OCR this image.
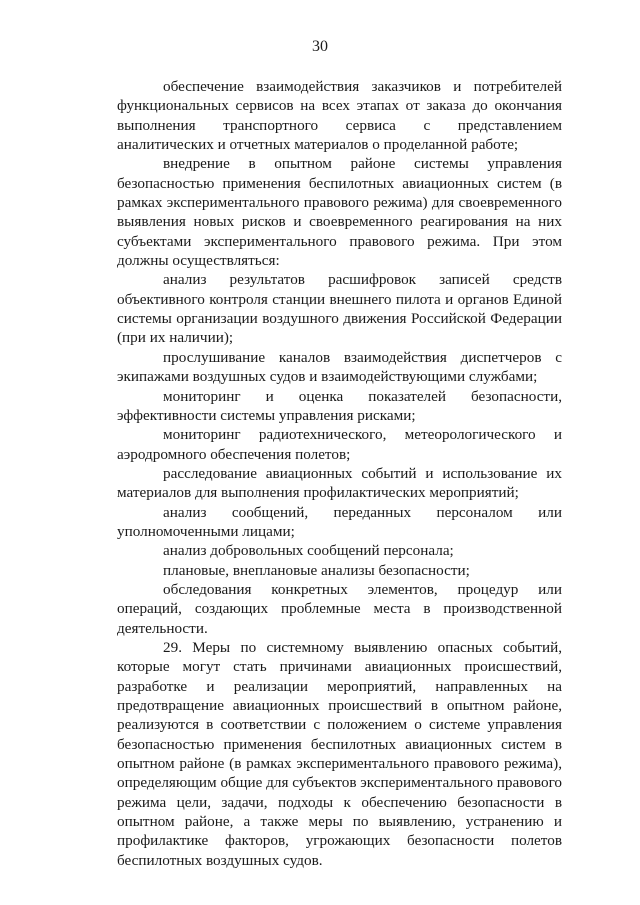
30

обеспечение взаимодействия заказчиков и потребителей функциональных сервисов на всех этапах от заказа до окончания выполнения транспортного сервиса с представлением аналитических и отчетных материалов о проделанной работе;

внедрение в опытном районе системы управления безопасностью применения беспилотных авиационных систем (в рамках экспериментального правового режима) для своевременного выявления новых рисков и своевременного реагирования на них субъектами экспериментального правового режима. При этом должны осуществляться:

анализ результатов расшифровок записей средств объективного контроля станции внешнего пилота и органов Единой системы организации воздушного движения Российской Федерации (при их наличии);

прослушивание каналов взаимодействия диспетчеров с экипажами воздушных судов и взаимодействующими службами;

мониторинг и оценка показателей безопасности, эффективности системы управления рисками;

мониторинг радиотехнического, метеорологического и аэродромного обеспечения полетов;

расследование авиационных событий и использование их материалов для выполнения профилактических мероприятий;

анализ сообщений, переданных персоналом или уполномоченными лицами;

анализ добровольных сообщений персонала;

плановые, внеплановые анализы безопасности;

обследования конкретных элементов, процедур или операций, создающих проблемные места в производственной деятельности.

29. Меры по системному выявлению опасных событий, которые могут стать причинами авиационных происшествий, разработке и реализации мероприятий, направленных на предотвращение авиационных происшествий в опытном районе, реализуются в соответствии с положением о системе управления безопасностью применения беспилотных авиационных систем в опытном районе (в рамках экспериментального правового режима), определяющим общие для субъектов экспериментального правового режима цели, задачи, подходы к обеспечению безопасности в опытном районе, а также меры по выявлению, устранению и профилактике факторов, угрожающих безопасности полетов беспилотных воздушных судов.
